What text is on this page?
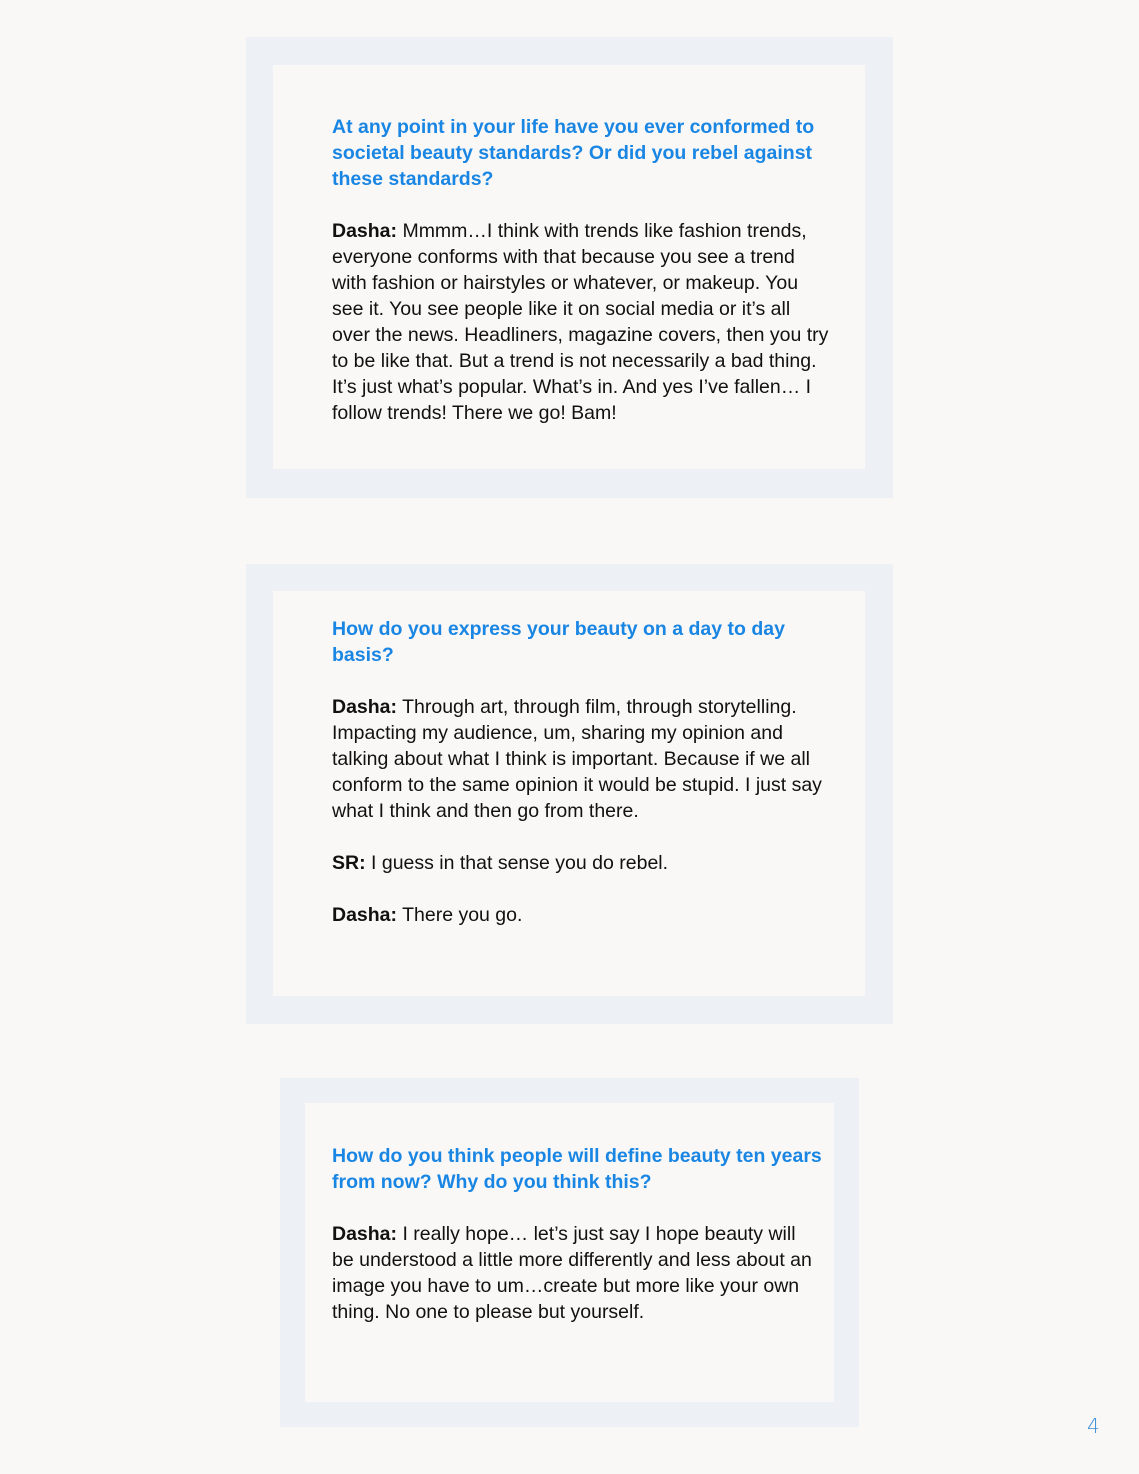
At any point in your life have you ever conformed to societal beauty standards? Or did you rebel against these standards?

Dasha: Mmmm…I think with trends like fashion trends, everyone conforms with that because you see a trend with fashion or hairstyles or whatever, or makeup. You see it. You see people like it on social media or it’s all over the news. Headliners, magazine covers, then you try to be like that. But a trend is not necessarily a bad thing. It’s just what’s popular. What’s in. And yes I’ve fallen… I follow trends! There we go! Bam!

How do you express your beauty on a day to day basis?

Dasha: Through art, through film, through storytelling. Impacting my audience, um, sharing my opinion and talking about what I think is important. Because if we all conform to the same opinion it would be stupid. I just say what I think and then go from there.

SR: I guess in that sense you do rebel.

Dasha: There you go.

How do you think people will define beauty ten years from now? Why do you think this?

Dasha: I really hope… let’s just say I hope beauty will be understood a little more differently and less about an image you have to um…create but more like your own thing. No one to please but yourself.

4
